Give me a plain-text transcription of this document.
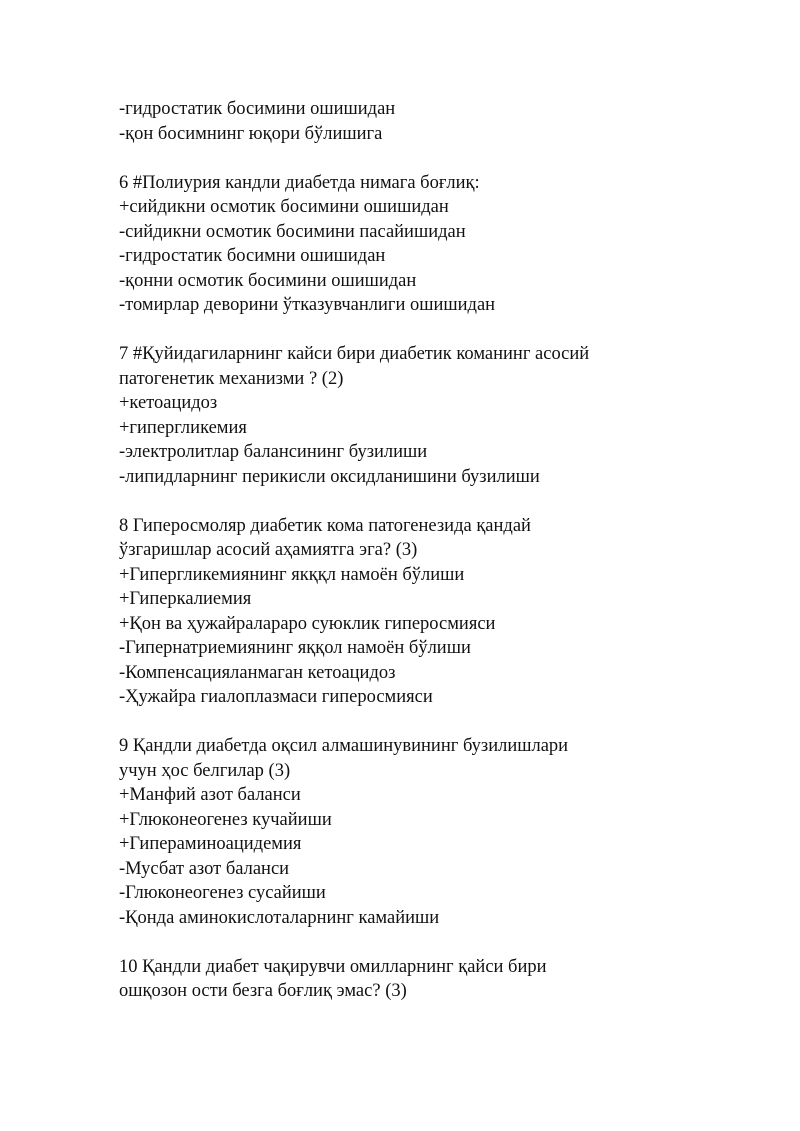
-гидростатик босимини ошишидан

-қон босимнинг юқори бўлишига

6 #Полиурия кандли диабетда нимага боғлиқ:

+сийдикни осмотик босимини ошишидан

-сийдикни осмотик босимини пасайишидан

-гидростатик босимни ошишидан

-қонни осмотик босимини ошишидан

-томирлар деворини ўтказувчанлиги ошишидан

7 #Қуйидагиларнинг кайси бири диабетик команинг асосий

патогенетик механизми ? (2)

+кетоацидоз

+гипергликемия

-электролитлар балансининг бузилиши

-липидларнинг перикисли оксидланишини бузилиши

8 Гиперосмоляр диабетик кома патогенезида қандай

ўзгаришлар асосий аҳамиятга эга? (3)

+Гипергликемиянинг якққл намоён бўлиши

+Гиперкалиемия

+Қон ва ҳужайралараро суюклик гиперосмияси

-Гипернатриемиянинг яққол намоён бўлиши

-Компенсацияланмаган кетоацидоз

-Ҳужайра гиалоплазмаси гиперосмияси

9 Қандли диабетда оқсил алмашинувининг бузилишлари

учун ҳос белгилар (3)

+Манфий азот баланси

+Глюконеогенез кучайиши

+Гипераминоацидемия

-Мусбат азот баланси

-Глюконеогенез сусайиши

-Қонда аминокислоталарнинг камайиши

10 Қандли диабет чақирувчи омилларнинг қайси бири

ошқозон ости безга боғлиқ эмас? (3)
